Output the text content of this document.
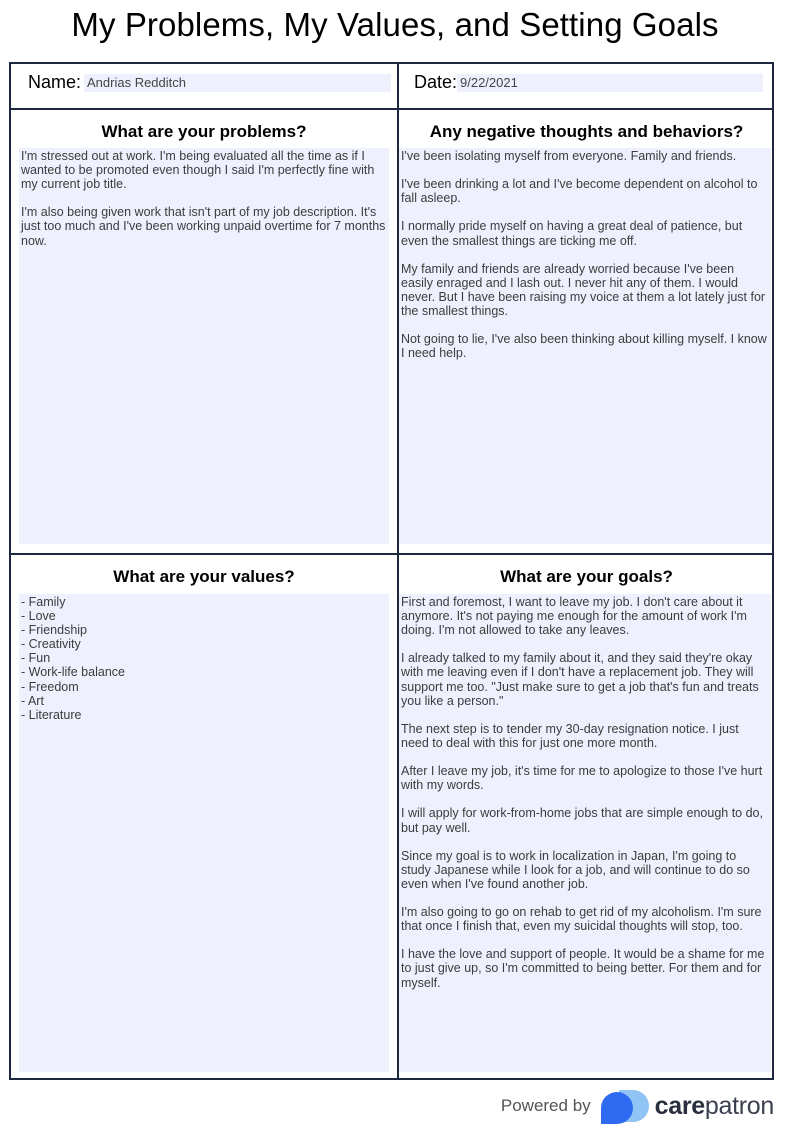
My Problems, My Values, and Setting Goals
Name: Andrias Redditch	Date: 9/22/2021
What are your problems?

I'm stressed out at work. I'm being evaluated all the time as if I wanted to be promoted even though I said I'm perfectly fine with my current job title.

I'm also being given work that isn't part of my job description. It's just too much and I've been working unpaid overtime for 7 months now.

Any negative thoughts and behaviors?

I've been isolating myself from everyone. Family and friends.

I've been drinking a lot and I've become dependent on alcohol to fall asleep.

I normally pride myself on having a great deal of patience, but even the smallest things are ticking me off.

My family and friends are already worried because I've been easily enraged and I lash out. I never hit any of them. I would never. But I have been raising my voice at them a lot lately just for the smallest things.

Not going to lie, I've also been thinking about killing myself. I know I need help.

What are your values?
- Family
- Love
- Friendship
- Creativity
- Fun
- Work-life balance
- Freedom
- Art
- Literature
What are your goals?

First and foremost, I want to leave my job. I don't care about it anymore. It's not paying me enough for the amount of work I'm doing. I'm not allowed to take any leaves.

I already talked to my family about it, and they said they're okay with me leaving even if I don't have a replacement job. They will support me too. "Just make sure to get a job that's fun and treats you like a person."

The next step is to tender my 30-day resignation notice. I just need to deal with this for just one more month.

After I leave my job, it's time for me to apologize to those I've hurt with my words.

I will apply for work-from-home jobs that are simple enough to do, but pay well.

Since my goal is to work in localization in Japan, I'm going to study Japanese while I look for a job, and will continue to do so even when I've found another job.

I'm also going to go on rehab to get rid of my alcoholism. I'm sure that once I finish that, even my suicidal thoughts will stop, too.

I have the love and support of people. It would be a shame for me to just give up, so I'm committed to being better. For them and for myself.

Powered by	carepatron
